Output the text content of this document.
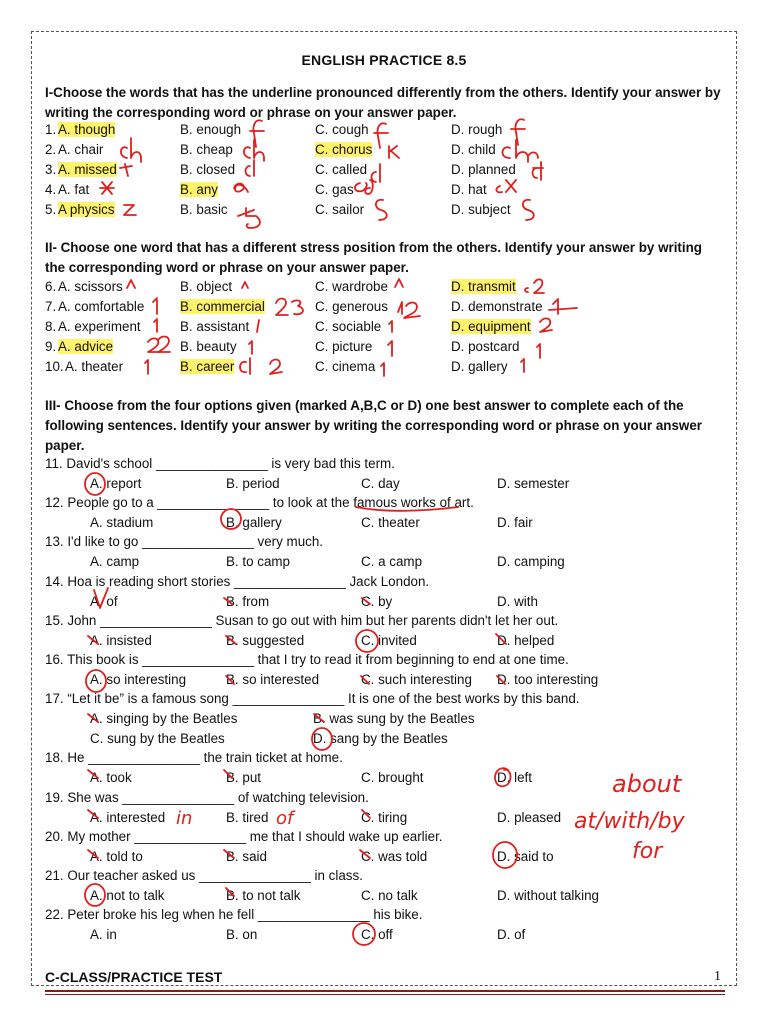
ENGLISH PRACTICE 8.5
I-Choose the words that has the underline pronounced differently from the others. Identify your answer by writing the corresponding word or phrase on your answer paper.
1. A. though	B. enough	C. cough	D. rough
2. A. chair	B. cheap	C. chorus	D. child
3. A. missed	B. closed	C. called	D. planned
4. A. fat	B. any	C. gas	D. hat
5. A physics	B. basic	C. sailor	D. subject
II- Choose one word that has a different stress position from the others. Identify your answer by writing the corresponding word or phrase on your answer paper.
6. A. scissors	B. object	C. wardrobe	D. transmit
7. A. comfortable	B. commercial	C. generous	D. demonstrate
8. A. experiment	B. assistant	C. sociable	D. equipment
9. A. advice	B. beauty	C. picture	D. postcard
10. A. theater	B. career	C. cinema	D. gallery
III- Choose from the four options given (marked A,B,C or D) one best answer to complete each of the following sentences. Identify your answer by writing the corresponding word or phrase on your answer paper.
11. David's school _______________ is very bad this term.
A. report	B. period	C. day	D. semester
12. People go to a _______________ to look at the famous works of art.
A. stadium	B. gallery	C. theater	D. fair
13. I'd like to go _______________ very much.
A. camp	B. to camp	C. a camp	D. camping
14. Hoa is reading short stories _______________ Jack London.
A. of	B. from	C. by	D. with
15. John _______________ Susan to go out with him but her parents didn't let her out.
A. insisted	B. suggested	C. invited	D. helped
16. This book is _______________ that I try to read it from beginning to end at one time.
A. so interesting	B. so interested	C. such interesting D. too interesting
17. “Let it be” is a famous song _______________ It is one of the best works by this band.
A. singing by the Beatles	B. was sung by the Beatles
C. sung by the Beatles	D. sang by the Beatles
18. He _______________ the train ticket at home.
A. took	B. put	C. brought	D. left
19. She was _______________ of watching television.
A. interested	B. tired	C. tiring	D. pleased
20. My mother _______________ me that I should wake up earlier.
A. told to	B. said	C. was told	D. said to
21. Our teacher asked us _______________ in class.
A. not to talk	B. to not talk	C. no talk	D. without talking
22. Peter broke his leg when he fell _______________ his bike.
A. in	B. on	C. off	D. of
in	of
about
at/with/by
for
C-CLASS/PRACTICE TEST	1
